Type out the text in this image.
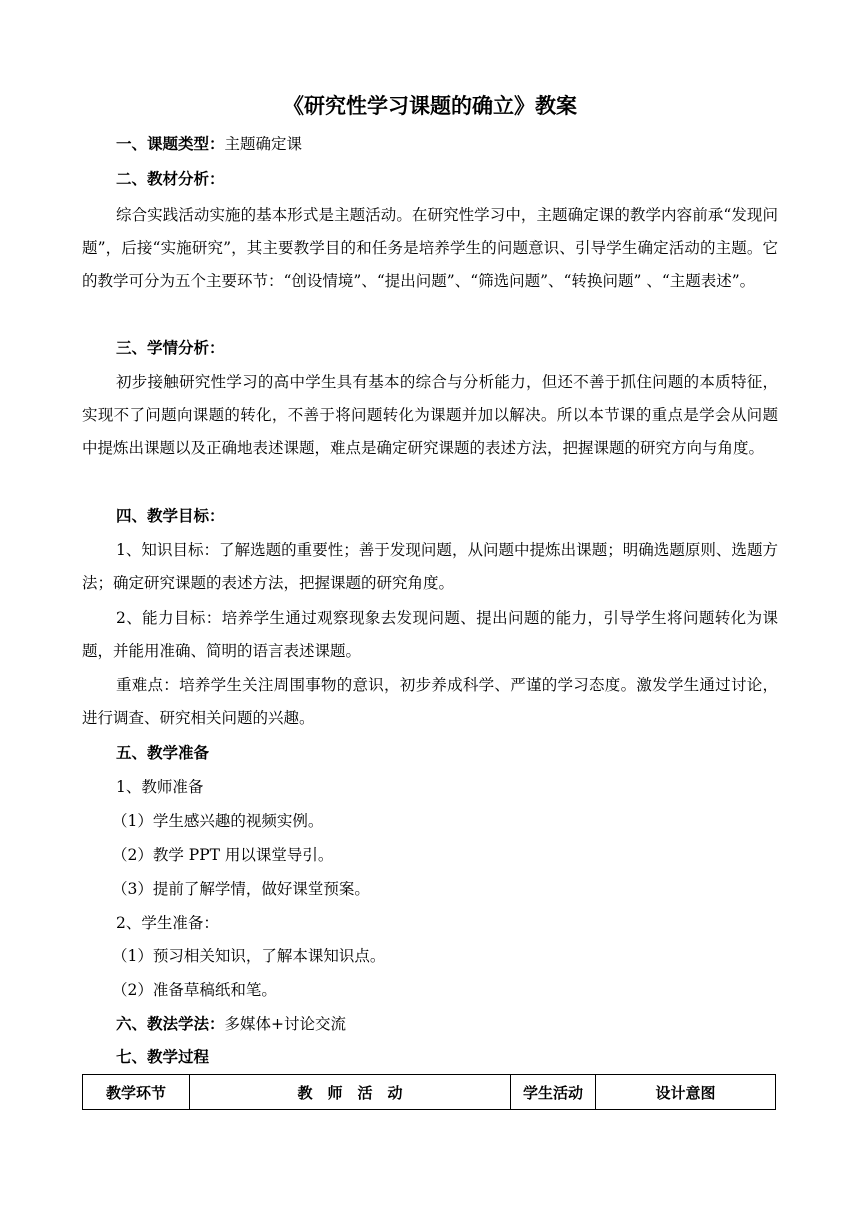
《研究性学习课题的确立》教案
一、课题类型：主题确定课
二、教材分析：
综合实践活动实施的基本形式是主题活动。在研究性学习中，主题确定课的教学内容前承“发现问题”，后接“实施研究”，其主要教学目的和任务是培养学生的问题意识、引导学生确定活动的主题。它的教学可分为五个主要环节：“创设情境”、“提出问题”、“筛选问题”、“转换问题” 、“主题表述”。
三、学情分析：
初步接触研究性学习的高中学生具有基本的综合与分析能力，但还不善于抓住问题的本质特征，实现不了问题向课题的转化，不善于将问题转化为课题并加以解决。所以本节课的重点是学会从问题中提炼出课题以及正确地表述课题，难点是确定研究课题的表述方法，把握课题的研究方向与角度。
四、教学目标：
1、知识目标：了解选题的重要性；善于发现问题，从问题中提炼出课题；明确选题原则、选题方法；确定研究课题的表述方法，把握课题的研究角度。
2、能力目标：培养学生通过观察现象去发现问题、提出问题的能力，引导学生将问题转化为课题，并能用准确、简明的语言表述课题。
重难点：培养学生关注周围事物的意识，初步养成科学、严谨的学习态度。激发学生通过讨论，进行调查、研究相关问题的兴趣。
五、教学准备
1、教师准备
（1）学生感兴趣的视频实例。
（2）教学 PPT 用以课堂导引。
（3）提前了解学情，做好课堂预案。
2、学生准备：
（1）预习相关知识，了解本课知识点。
（2）准备草稿纸和笔。
六、教法学法：多媒体+讨论交流
七、教学过程
教学环节	教　师　活　动	学生活动	设计意图
